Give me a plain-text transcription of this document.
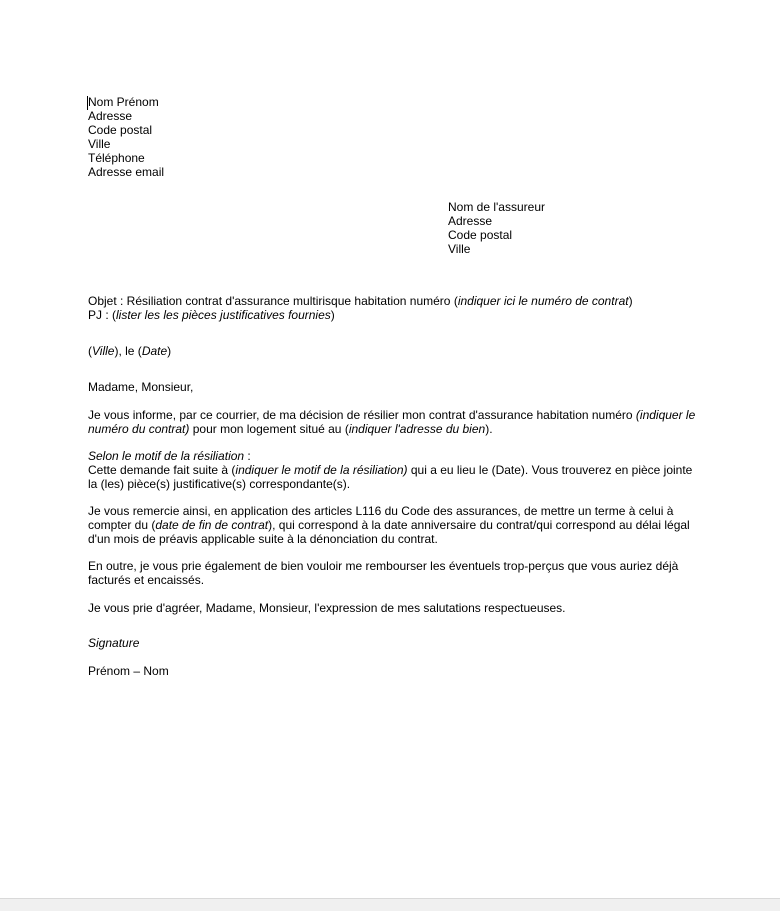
Nom Prénom
Adresse
Code postal
Ville
Téléphone
Adresse email
Nom de l'assureur
Adresse
Code postal
Ville
Objet : Résiliation contrat d'assurance multirisque habitation numéro (indiquer ici le numéro de contrat)
PJ : (lister les les pièces justificatives fournies)
(Ville), le (Date)
Madame, Monsieur,
Je vous informe, par ce courrier, de ma décision de résilier mon contrat d'assurance habitation numéro (indiquer le numéro du contrat) pour mon logement situé au (indiquer l'adresse du bien).
Selon le motif de la résiliation :
Cette demande fait suite à (indiquer le motif de la résiliation) qui a eu lieu le (Date). Vous trouverez en pièce jointe la (les) pièce(s) justificative(s) correspondante(s).
Je vous remercie ainsi, en application des articles L116 du Code des assurances, de mettre un terme à celui à compter du (date de fin de contrat), qui correspond à la date anniversaire du contrat/qui correspond au délai légal d'un mois de préavis applicable suite à la dénonciation du contrat.
En outre, je vous prie également de bien vouloir me rembourser les éventuels trop-perçus que vous auriez déjà facturés et encaissés.
Je vous prie d'agréer, Madame, Monsieur, l'expression de mes salutations respectueuses.
Signature
Prénom – Nom
